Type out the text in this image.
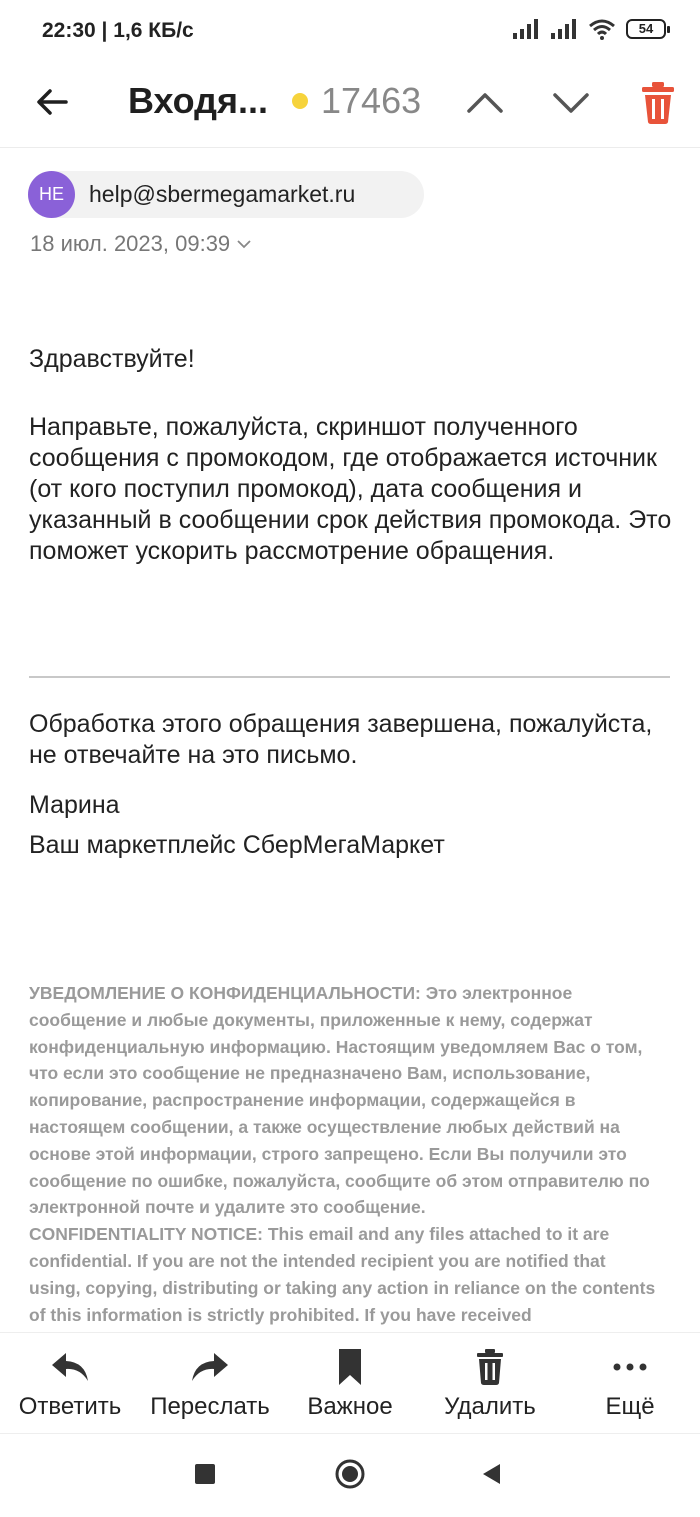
22:30 | 1,6 КБ/с	54
Входя... 17463
HE	help@sbermegamarket.ru
18 июл. 2023, 09:39
Здравствуйте!
Направьте, пожалуйста, скриншот полученного сообщения с промокодом, где отображается источник (от кого поступил промокод), дата сообщения и указанный в сообщении срок действия промокода. Это поможет ускорить рассмотрение обращения.
Обработка этого обращения завершена, пожалуйста, не отвечайте на это письмо.
Марина
Ваш маркетплейс СберМегаМаркет

УВЕДОМЛЕНИЕ О КОНФИДЕНЦИАЛЬНОСТИ: Это электронное сообщение и любые документы, приложенные к нему, содержат конфиденциальную информацию. Настоящим уведомляем Вас о том, что если это сообщение не предназначено Вам, использование, копирование, распространение информации, содержащейся в настоящем сообщении, а также осуществление любых действий на основе этой информации, строго запрещено. Если Вы получили это сообщение по ошибке, пожалуйста, сообщите об этом отправителю по электронной почте и удалите это сообщение.

CONFIDENTIALITY NOTICE: This email and any files attached to it are confidential. If you are not the intended recipient you are notified that using, copying, distributing or taking any action in reliance on the contents of this information is strictly prohibited. If you have received

Ответить Переслать Важное Удалить	Ещё
